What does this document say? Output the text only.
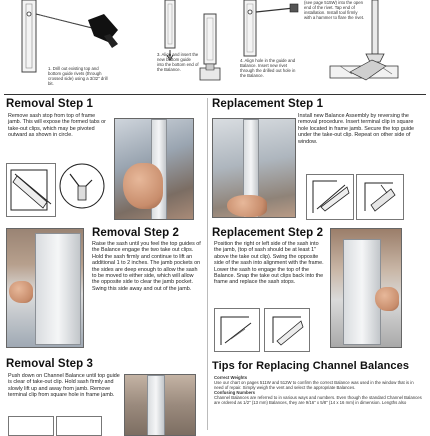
1. Drill out existing top and bottom guide rivets (through crossed side) using a 3/32" drill bit.
3. Align and insert the new bottom guide into the bottom end of the Balance.
4. Align hole in the guide and Balance. Insert new rivet through the drilled out hole in the Balance.
(see page 515W) into the open end of the rivet. Tap end of installation. Install tool firmly with a hammer to flare the rivet.
Removal Step 1
Remove sash stop from top of frame jamb. This will expose the formed tabs or take-out clips, which may be pivoted outward as shown in circle.
Removal Step 2
Raise the sash until you feel the top guides of the Balance engage the two take out clips. Hold the sash firmly and continue to lift an additional 1 to 2 inches. The jamb pockets on the sides are deep enough to allow the sash to be moved to either side, which will allow the opposite side to clear the jamb pocket. Swing this side away and out of the jamb.
Removal Step 3
Push down on Channel Balance until top guide is clear of take-out clip. Hold sash firmly and slowly lift up and away from jamb. Remove terminal clip from square hole in frame jamb.
Replacement Step 1
Install new Balance Assembly by reversing the removal procedure. Insert terminal clip in square hole located in frame jamb. Secure the top guide under the take-out clip. Repeat on other side of window.
Replacement Step 2
Position the right or left side of the sash into the jamb, (top of sash should be at least 1" above the take out clip). Swing the opposite side of the sash into alignment with the frame. Lower the sash to engage the top of the Balance. Snap the take out clips back into the frame and replace the sash stops.
Tips for Replacing Channel Balances
Correct Weights
Use our chart on pages 511W and 512W to confirm the correct Balance was used in the window that is in need of repair. Simply weigh the vent and select the appropriate Balances.
Confusing Numbers
Channel Balances are referred to in various ways and numbers. Even though the standard Channel Balances are ordered as 1/2" (13 mm) Balances, they are 9/16" x 5/8" (14 x 16 mm) in dimension. Lengths also
